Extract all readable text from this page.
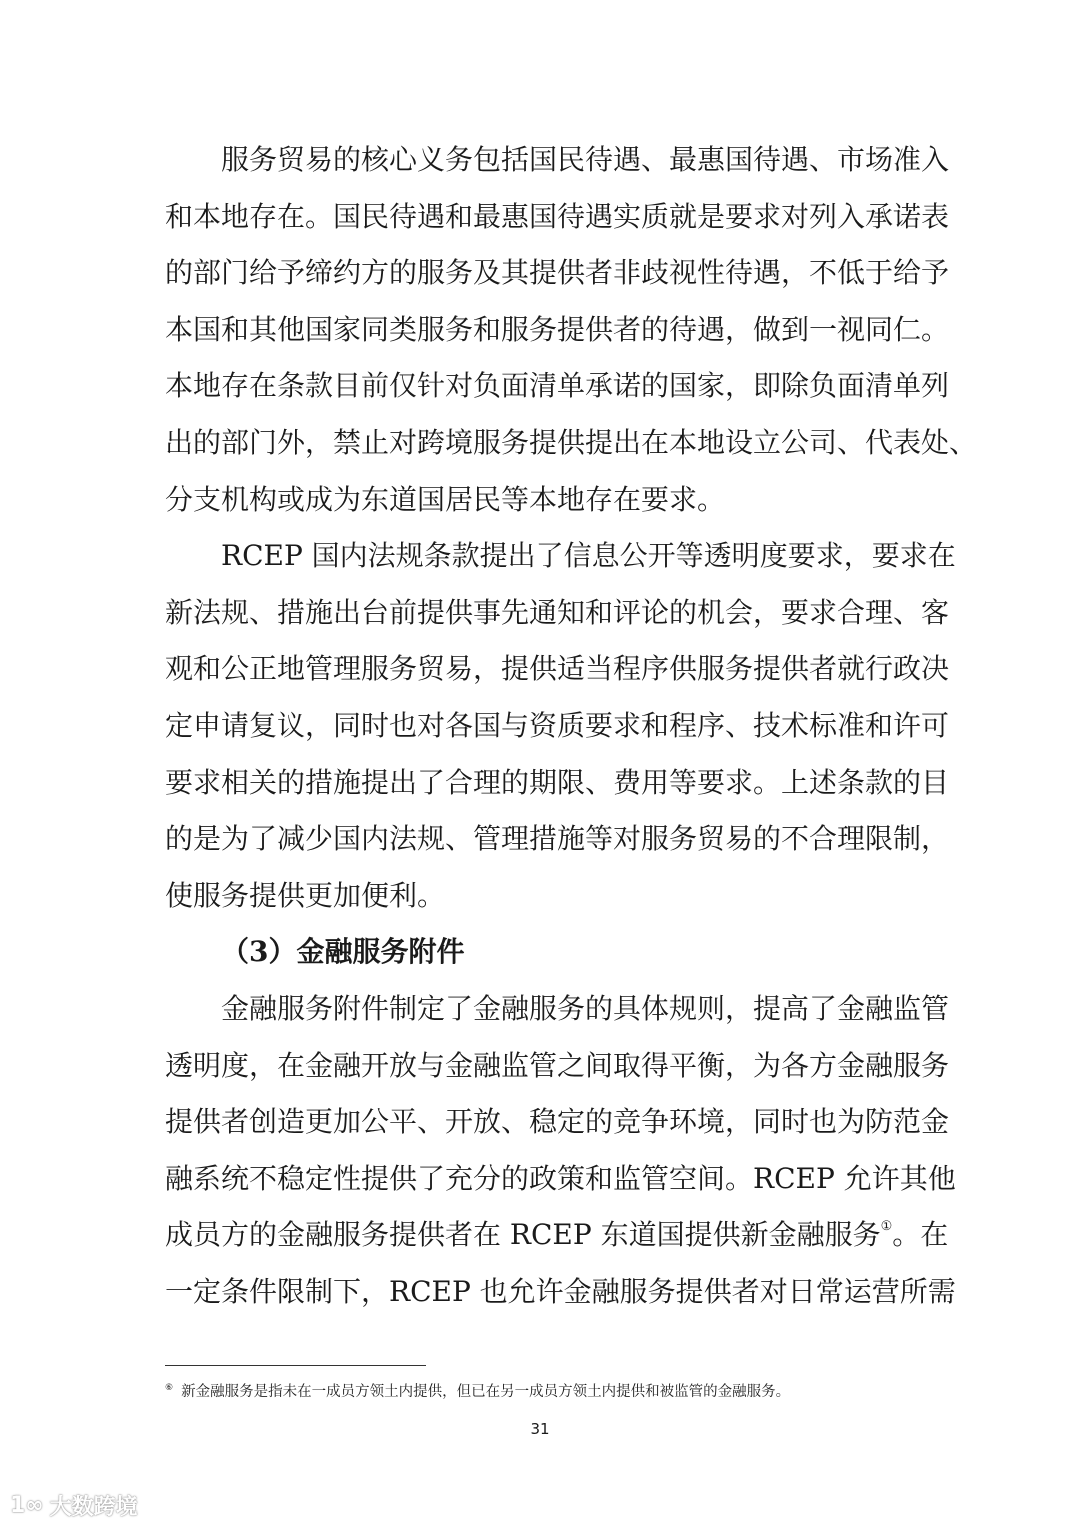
服务贸易的核心义务包括国民待遇、最惠国待遇、市场准入
和本地存在。国民待遇和最惠国待遇实质就是要求对列入承诺表
的部门给予缔约方的服务及其提供者非歧视性待遇，不低于给予
本国和其他国家同类服务和服务提供者的待遇，做到一视同仁。
本地存在条款目前仅针对负面清单承诺的国家，即除负面清单列
出的部门外，禁止对跨境服务提供提出在本地设立公司、代表处、
分支机构或成为东道国居民等本地存在要求。
RCEP 国内法规条款提出了信息公开等透明度要求，要求在
新法规、措施出台前提供事先通知和评论的机会，要求合理、客
观和公正地管理服务贸易，提供适当程序供服务提供者就行政决
定申请复议，同时也对各国与资质要求和程序、技术标准和许可
要求相关的措施提出了合理的期限、费用等要求。上述条款的目
的是为了减少国内法规、管理措施等对服务贸易的不合理限制，
使服务提供更加便利。
（3）金融服务附件
金融服务附件制定了金融服务的具体规则，提高了金融监管
透明度，在金融开放与金融监管之间取得平衡，为各方金融服务
提供者创造更加公平、开放、稳定的竞争环境，同时也为防范金
融系统不稳定性提供了充分的政策和监管空间。RCEP 允许其他
成员方的金融服务提供者在 RCEP 东道国提供新金融服务①。在
一定条件限制下，RCEP 也允许金融服务提供者对日常运营所需
⑥ 新金融服务是指未在一成员方领土内提供，但已在另一成员方领土内提供和被监管的金融服务。
31
1∞ 大数跨境
